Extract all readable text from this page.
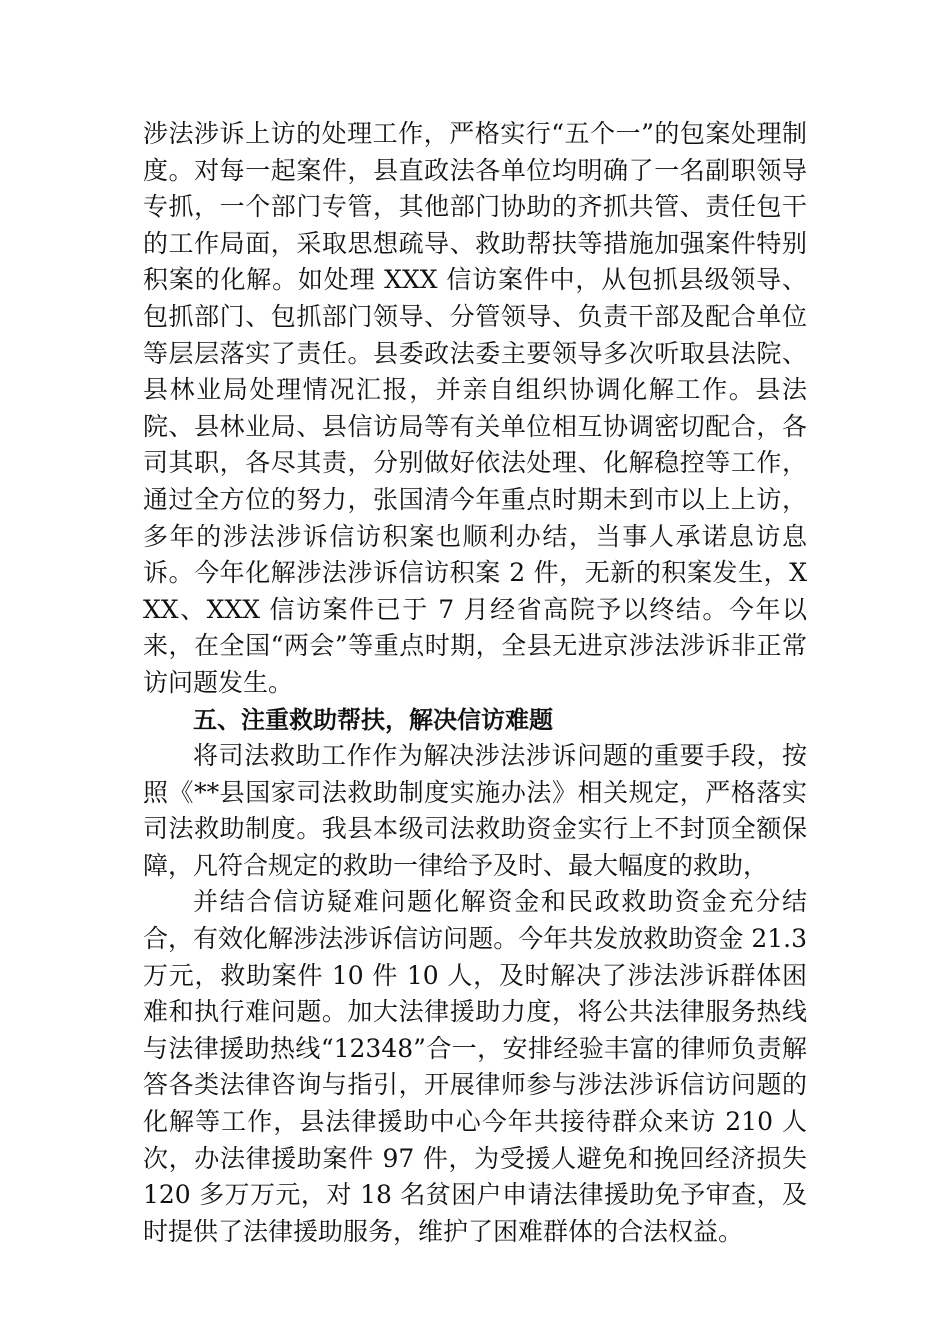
涉法涉诉上访的处理工作，严格实行“五个一”的包案处理制度。对每一起案件，县直政法各单位均明确了一名副职领导专抓，一个部门专管，其他部门协助的齐抓共管、责任包干的工作局面，采取思想疏导、救助帮扶等措施加强案件特别积案的化解。如处理 XXX 信访案件中，从包抓县级领导、包抓部门、包抓部门领导、分管领导、负责干部及配合单位等层层落实了责任。县委政法委主要领导多次听取县法院、县林业局处理情况汇报，并亲自组织协调化解工作。县法院、县林业局、县信访局等有关单位相互协调密切配合，各司其职，各尽其责，分别做好依法处理、化解稳控等工作，通过全方位的努力，张国清今年重点时期未到市以上上访，多年的涉法涉诉信访积案也顺利办结，当事人承诺息访息诉。今年化解涉法涉诉信访积案 2 件，无新的积案发生，XXX、XXX 信访案件已于 7 月经省高院予以终结。今年以来，在全国“两会”等重点时期，全县无进京涉法涉诉非正常访问题发生。

五、注重救助帮扶，解决信访难题

将司法救助工作作为解决涉法涉诉问题的重要手段，按照《**县国家司法救助制度实施办法》相关规定，严格落实司法救助制度。我县本级司法救助资金实行上不封顶全额保障，凡符合规定的救助一律给予及时、最大幅度的救助，

并结合信访疑难问题化解资金和民政救助资金充分结合，有效化解涉法涉诉信访问题。今年共发放救助资金 21.3 万元，救助案件 10 件 10 人，及时解决了涉法涉诉群体困难和执行难问题。加大法律援助力度，将公共法律服务热线与法律援助热线“12348”合一，安排经验丰富的律师负责解答各类法律咨询与指引，开展律师参与涉法涉诉信访问题的化解等工作，县法律援助中心今年共接待群众来访 210 人次，办法律援助案件 97 件，为受援人避免和挽回经济损失 120 多万万元，对 18 名贫困户申请法律援助免予审查，及时提供了法律援助服务，维护了困难群体的合法权益。
